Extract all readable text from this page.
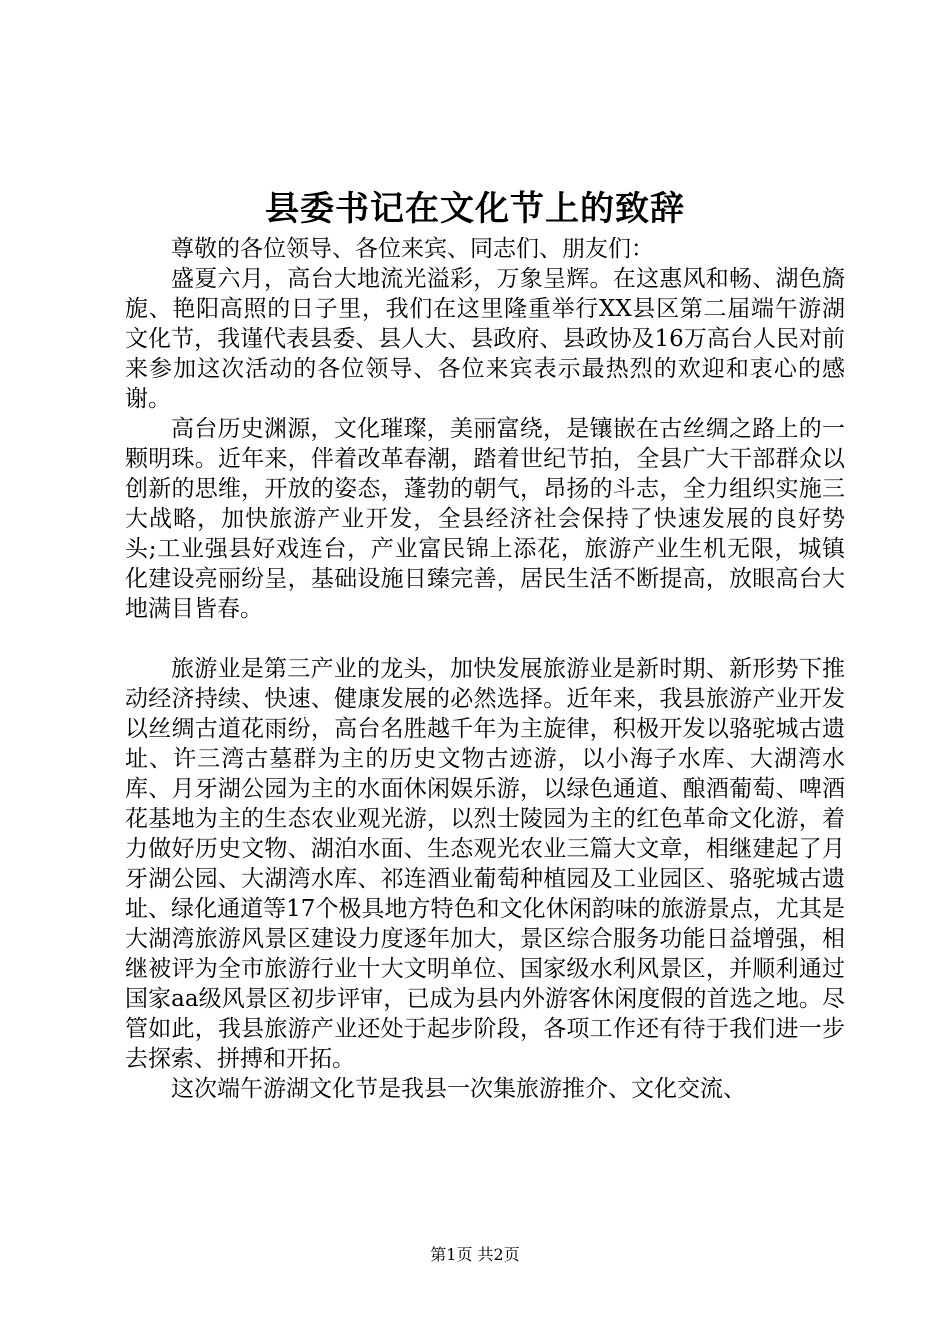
县委书记在文化节上的致辞

尊敬的各位领导、各位来宾、同志们、朋友们：

盛夏六月，高台大地流光溢彩，万象呈辉。在这惠风和畅、湖色旖旎、艳阳高照的日子里，我们在这里隆重举行XX县区第二届端午游湖文化节，我谨代表县委、县人大、县政府、县政协及16万高台人民对前来参加这次活动的各位领导、各位来宾表示最热烈的欢迎和衷心的感谢。

高台历史渊源，文化璀璨，美丽富绕，是镶嵌在古丝绸之路上的一颗明珠。近年来，伴着改革春潮，踏着世纪节拍，全县广大干部群众以创新的思维，开放的姿态，蓬勃的朝气，昂扬的斗志，全力组织实施三大战略，加快旅游产业开发，全县经济社会保持了快速发展的良好势头;工业强县好戏连台，产业富民锦上添花，旅游产业生机无限，城镇化建设亮丽纷呈，基础设施日臻完善，居民生活不断提高，放眼高台大地满目皆春。

旅游业是第三产业的龙头，加快发展旅游业是新时期、新形势下推动经济持续、快速、健康发展的必然选择。近年来，我县旅游产业开发以丝绸古道花雨纷，高台名胜越千年为主旋律，积极开发以骆驼城古遗址、许三湾古墓群为主的历史文物古迹游，以小海子水库、大湖湾水库、月牙湖公园为主的水面休闲娱乐游，以绿色通道、酿酒葡萄、啤酒花基地为主的生态农业观光游，以烈士陵园为主的红色革命文化游，着力做好历史文物、湖泊水面、生态观光农业三篇大文章，相继建起了月牙湖公园、大湖湾水库、祁连酒业葡萄种植园及工业园区、骆驼城古遗址、绿化通道等17个极具地方特色和文化休闲韵味的旅游景点，尤其是大湖湾旅游风景区建设力度逐年加大，景区综合服务功能日益增强，相继被评为全市旅游行业十大文明单位、国家级水利风景区，并顺利通过国家aa级风景区初步评审，已成为县内外游客休闲度假的首选之地。尽管如此，我县旅游产业还处于起步阶段，各项工作还有待于我们进一步去探索、拼搏和开拓。

这次端午游湖文化节是我县一次集旅游推介、文化交流、

第1页 共2页
